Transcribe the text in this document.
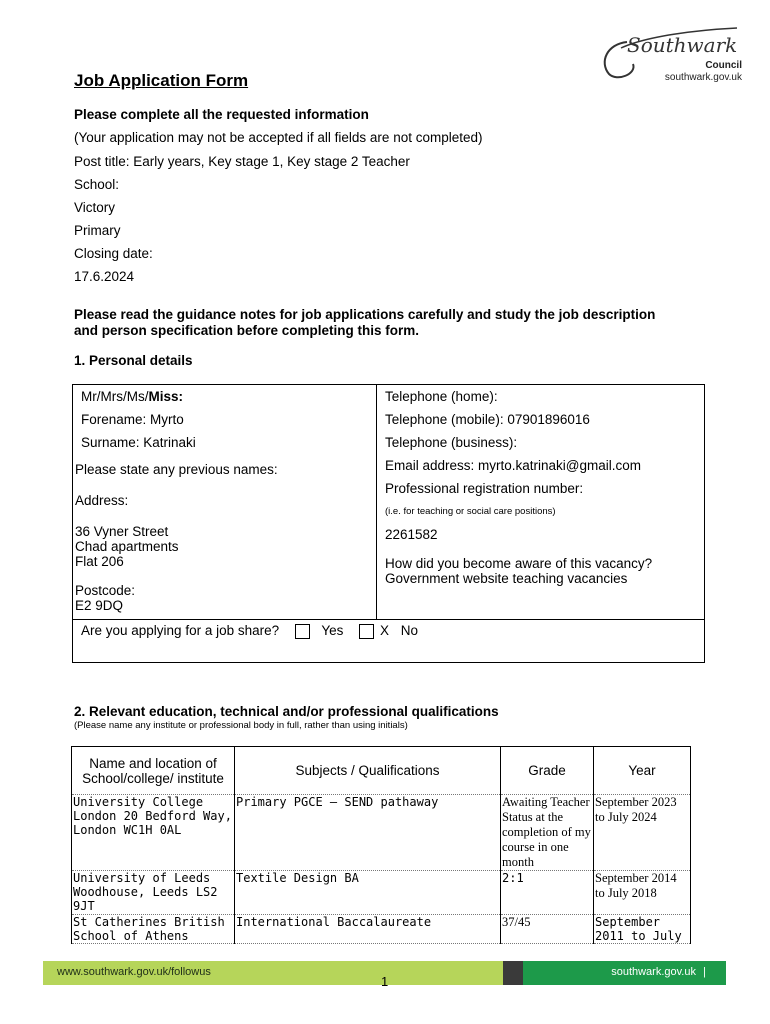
Southwark
Council
southwark.gov.uk
Job Application Form
Please complete all the requested information
(Your application may not be accepted if all fields are not completed)
Post title: Early years, Key stage 1, Key stage 2 Teacher
School:
Victory
Primary
Closing date:
17.6.2024
Please read the guidance notes for job applications carefully and study the job description
and person specification before completing this form.
1. Personal details
Mr/Mrs/Ms/Miss:
Forename: Myrto
Surname: Katrinaki
Please state any previous names:
Address:
36 Vyner Street
Chad apartments
Flat 206
Postcode:
E2 9DQ

Telephone (home):
Telephone (mobile): 07901896016
Telephone (business):
Email address: myrto.katrinaki@gmail.com
Professional registration number:
(i.e. for teaching or social care positions)
2261582
How did you become aware of this vacancy?
Government website teaching vacancies

Are you applying for a job share?	Yes	X No
2. Relevant education, technical and/or professional qualifications
(Please name any institute or professional body in full, rather than using initials)
Name and location of School/college/ institute	Subjects / Qualifications	Grade	Year
University College London 20 Bedford Way, London WC1H 0AL	Primary PGCE – SEND pathaway	Awaiting Teacher Status at the completion of my course in one month	September 2023 to July 2024
University of Leeds Woodhouse, Leeds LS2 9JT	Textile Design BA	2:1	September 2014 to July 2018
St Catherines British School of Athens	International Baccalaureate	37/45	September 2011 to July
www.southwark.gov.uk/followus	southwark.gov.uk |
1
